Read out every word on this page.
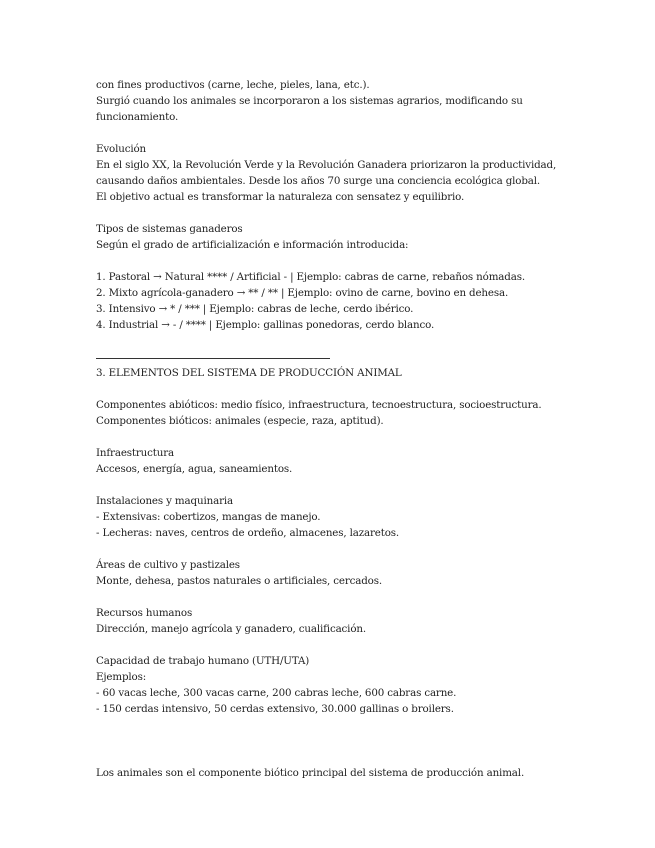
con fines productivos (carne, leche, pieles, lana, etc.).
Surgió cuando los animales se incorporaron a los sistemas agrarios, modificando su
funcionamiento.
Evolución
En el siglo XX, la Revolución Verde y la Revolución Ganadera priorizaron la productividad,
causando daños ambientales. Desde los años 70 surge una conciencia ecológica global.
El objetivo actual es transformar la naturaleza con sensatez y equilibrio.
Tipos de sistemas ganaderos
Según el grado de artificialización e información introducida:
1. Pastoral → Natural **** / Artificial - | Ejemplo: cabras de carne, rebaños nómadas.
2. Mixto agrícola-ganadero → ** / ** | Ejemplo: ovino de carne, bovino en dehesa.
3. Intensivo → * / *** | Ejemplo: cabras de leche, cerdo ibérico.
4. Industrial → - / **** | Ejemplo: gallinas ponedoras, cerdo blanco.
3. ELEMENTOS DEL SISTEMA DE PRODUCCIÓN ANIMAL
Componentes abióticos: medio físico, infraestructura, tecnoestructura, socioestructura.
Componentes bióticos: animales (especie, raza, aptitud).
Infraestructura
Accesos, energía, agua, saneamientos.
Instalaciones y maquinaria
- Extensivas: cobertizos, mangas de manejo.
- Lecheras: naves, centros de ordeño, almacenes, lazaretos.
Áreas de cultivo y pastizales
Monte, dehesa, pastos naturales o artificiales, cercados.
Recursos humanos
Dirección, manejo agrícola y ganadero, cualificación.
Capacidad de trabajo humano (UTH/UTA)
Ejemplos:
- 60 vacas leche, 300 vacas carne, 200 cabras leche, 600 cabras carne.
- 150 cerdas intensivo, 50 cerdas extensivo, 30.000 gallinas o broilers.
Los animales son el componente biótico principal del sistema de producción animal.
